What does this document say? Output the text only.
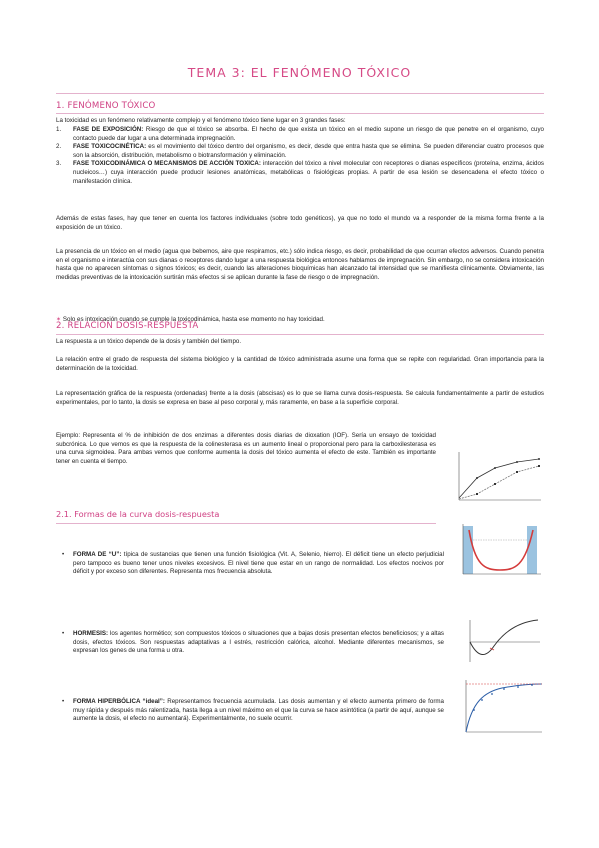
TEMA 3: EL FENÓMENO TÓXICO
1. FENÓMENO TÓXICO
La toxicidad es un fenómeno relativamente complejo y el fenómeno tóxico tiene lugar en 3 grandes fases:
1. FASE DE EXPOSICIÓN: Riesgo de que el tóxico se absorba. El hecho de que exista un tóxico en el medio supone un riesgo de que penetre en el organismo, cuyo contacto puede dar lugar a una determinada impregnación.
2. FASE TOXICOCINÉTICA: es el movimiento del tóxico dentro del organismo, es decir, desde que entra hasta que se elimina. Se pueden diferenciar cuatro procesos que son la absorción, distribución, metabolismo o biotransformación y eliminación.
3. FASE TOXICODINÁMICA O MECANISMOS DE ACCIÓN TOXICA: interacción del tóxico a nivel molecular con receptores o dianas específicos (proteína, enzima, ácidos nucleicos…) cuya interacción puede producir lesiones anatómicas, metabólicas o fisiológicas propias. A partir de esa lesión se desencadena el efecto tóxico o manifestación clínica.
Además de estas fases, hay que tener en cuenta los factores individuales (sobre todo genéticos), ya que no todo el mundo va a responder de la misma forma frente a la exposición de un tóxico.
La presencia de un tóxico en el medio (agua que bebemos, aire que respiramos, etc.) sólo indica riesgo, es decir, probabilidad de que ocurran efectos adversos. Cuando penetra en el organismo e interactúa con sus dianas o receptores dando lugar a una respuesta biológica entonces hablamos de impregnación. Sin embargo, no se considera intoxicación hasta que no aparecen síntomas o signos tóxicos; es decir, cuando las alteraciones bioquímicas han alcanzado tal intensidad que se manifiesta clínicamente. Obviamente, las medidas preventivas de la intoxicación surtirán más efectos si se aplican durante la fase de riesgo o de impregnación.
✶ Solo es intoxicación cuando se cumple la toxicodinámica, hasta ese momento no hay toxicidad.
2. RELACIÓN DOSIS-RESPUESTA
La respuesta a un tóxico depende de la dosis y también del tiempo.
La relación entre el grado de respuesta del sistema biológico y la cantidad de tóxico administrada asume una forma que se repite con regularidad. Gran importancia para la determinación de la toxicidad.
La representación gráfica de la respuesta (ordenadas) frente a la dosis (abscisas) es lo que se llama curva dosis-respuesta. Se calcula fundamentalmente a partir de estudios experimentales, por lo tanto, la dosis se expresa en base al peso corporal y, más raramente, en base a la superficie corporal.
Ejemplo: Representa el % de inhibición de dos enzimas a diferentes dosis diarias de dioxation (IOF). Sería un ensayo de toxicidad subcrónica. Lo que vemos es que la respuesta de la colinesterasa es un aumento lineal o proporcional pero para la carboxilesterasa es una curva sigmoidea. Para ambas vemos que conforme aumenta la dosis del tóxico aumenta el efecto de este. También es importante tener en cuenta el tiempo.
2.1. Formas de la curva dosis-respuesta
• FORMA DE “U”: típica de sustancias que tienen una función fisiológica (Vit. A, Selenio, hierro). El déficit tiene un efecto perjudicial pero tampoco es bueno tener unos niveles excesivos. El nivel tiene que estar en un rango de normalidad. Los efectos nocivos por déficit y por exceso son diferentes. Representa mos frecuencia absoluta.
• HORMESIS: los agentes hormético; son compuestos tóxicos o situaciones que a bajas dosis presentan efectos beneficiosos; y a altas dosis, efectos tóxicos. Son respuestas adaptativas a l estrés, restricción calórica, alcohol. Mediante diferentes mecanismos, se expresan los genes de una forma u otra.
• FORMA HIPERBÓLICA “ideal”: Representamos frecuencia acumulada. Las dosis aumentan y el efecto aumenta primero de forma muy rápida y después más ralentizada, hasta llega a un nivel máximo en el que la curva se hace asintótica (a partir de aquí, aunque se aumente la dosis, el efecto no aumentará). Experimentalmente, no suele ocurrir.
